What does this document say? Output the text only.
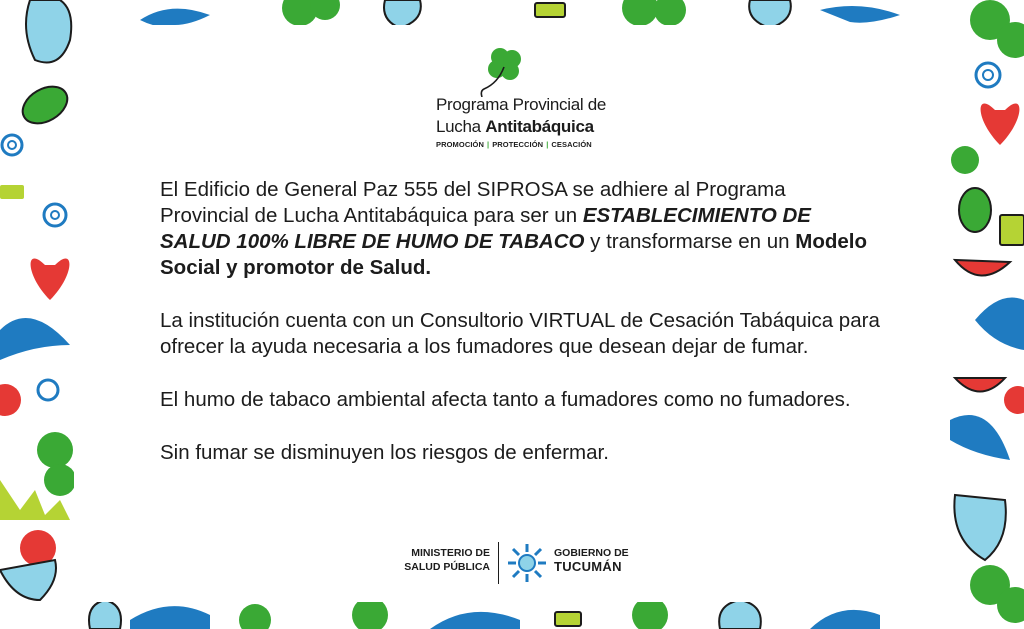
Programa Provincial de
Lucha Antitabáquica
PROMOCIÓN | PROTECCIÓN | CESACIÓN

El Edificio de General Paz 555 del SIPROSA se adhiere al Programa Provincial de Lucha Antitabáquica para ser un ESTABLECIMIENTO DE SALUD 100% LIBRE DE HUMO DE TABACO y transformarse en un Modelo Social y promotor de Salud.

La institución cuenta con un Consultorio VIRTUAL de Cesación Tabáquica para ofrecer la ayuda necesaria a los fumadores que desean dejar de fumar.

El humo de tabaco ambiental afecta tanto a fumadores como no fumadores.

Sin fumar se disminuyen los riesgos de enfermar.

MINISTERIO DE
SALUD PÚBLICA
GOBIERNO DE
TUCUMÁN
